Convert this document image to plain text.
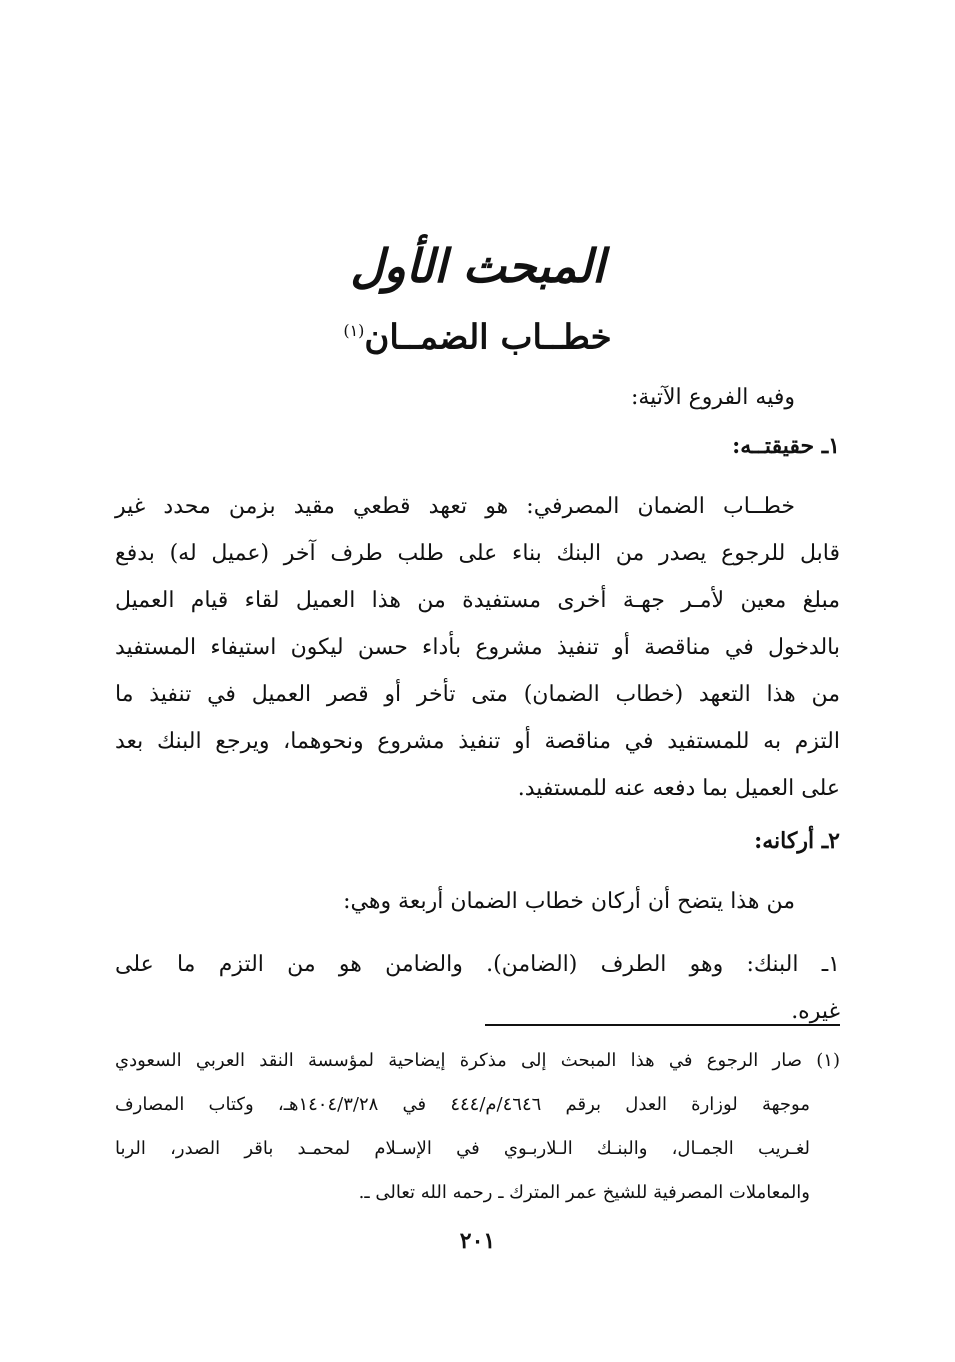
المبحث الأول
خطــاب الضمــان$^{(١)}$
وفيه الفروع الآتية:
١ـ حقيقتــه:
خطــاب الضمان المصرفي: هو تعهد قطعي مقيد بزمن محدد غير
قابل للرجوع يصدر من البنك بناء على طلب طرف آخر (عميل له) بدفع
مبلغ معين لأمـر جهـة أخرى مستفيدة من هذا العميل لقاء قيام العميل
بالدخول في مناقصة أو تنفيذ مشروع بأداء حسن ليكون استيفاء المستفيد
من هذا التعهد (خطاب الضمان) متى تأخر أو قصر العميل في تنفيذ ما
التزم به للمستفيد في مناقصة أو تنفيذ مشروع ونحوهما، ويرجع البنك بعد
على العميل بما دفعه عنه للمستفيد.
٢ـ أركانه:
من هذا يتضح أن أركان خطاب الضمان أربعة وهي:
١ـ البنك: وهو الطرف (الضامن). والضامن هو من التزم ما على
غيره.
(١) صار الرجوع في هذا المبحث إلى مذكرة إيضاحية لمؤسسة النقد العربي السعودي
موجهة لوزارة العدل برقم ٤٦٤٦/م/٤٤٤ في ١٤٠٤/٣/٢٨هـ، وكتاب المصارف
لغـريب الجمـال، والبنـك الـلاربـوي في الإسـلام لمحمـد باقر الصدر، الربا
والمعاملات المصرفية للشيخ عمر المترك ـ رحمه الله تعالى ـ.
٢٠١
